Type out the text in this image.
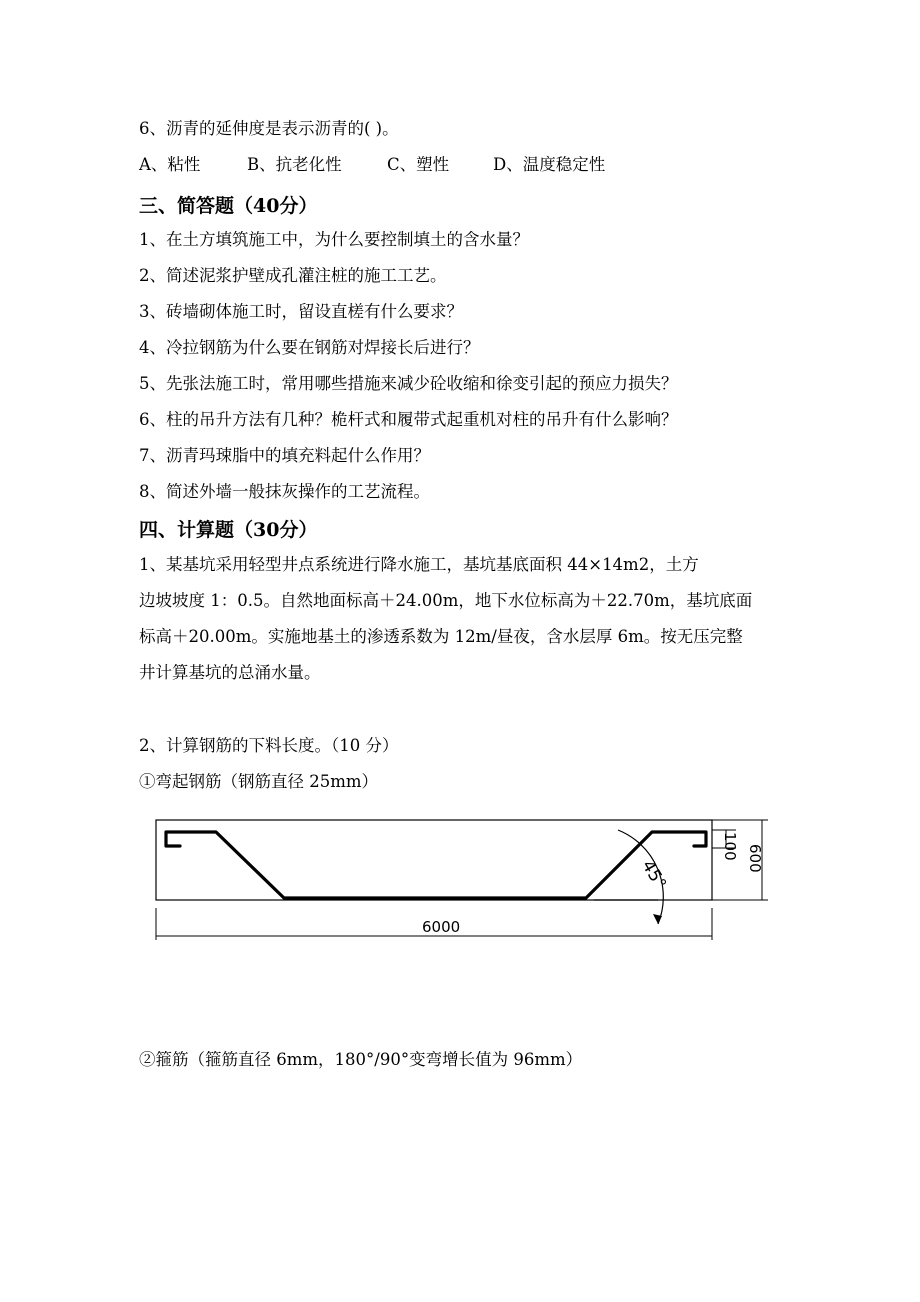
6、沥青的延伸度是表示沥青的( )。

A、粘性	B、抗老化性	C、塑性	D、温度稳定性

三、简答题（40分）

1、在土方填筑施工中，为什么要控制填土的含水量？

2、简述泥浆护壁成孔灌注桩的施工工艺。

3、砖墙砌体施工时，留设直槎有什么要求？

4、冷拉钢筋为什么要在钢筋对焊接长后进行？

5、先张法施工时，常用哪些措施来减少砼收缩和徐变引起的预应力损失？

6、柱的吊升方法有几种？桅杆式和履带式起重机对柱的吊升有什么影响？

7、沥青玛㻋脂中的填充料起什么作用？

8、简述外墙一般抹灰操作的工艺流程。

四、计算题（30分）

1、某基坑采用轻型井点系统进行降水施工，基坑基底面积 44×14m2，土方

边坡坡度 1：0.5。自然地面标高＋24.00m，地下水位标高为＋22.70m，基坑底面

标高＋20.00m。实施地基土的渗透系数为 12m/昼夜，含水层厚 6m。按无压完整

井计算基坑的总涌水量。

2、计算钢筋的下料长度。（10 分）

①弯起钢筋（钢筋直径 25mm）

45°
100 600
6000

②箍筋（箍筋直径 6mm，180°/90°变弯增长值为 96mm）
